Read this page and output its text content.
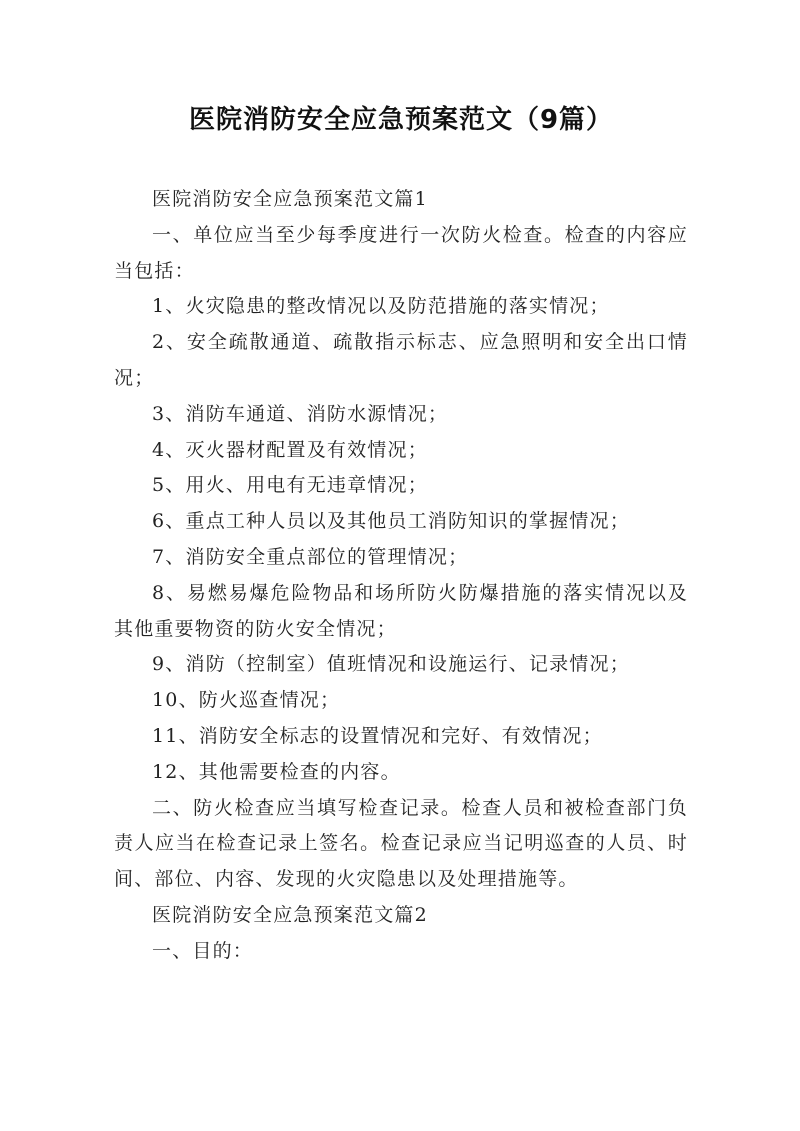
医院消防安全应急预案范文（9篇）

医院消防安全应急预案范文篇1

一、单位应当至少每季度进行一次防火检查。检查的内容应当包括：

1、火灾隐患的整改情况以及防范措施的落实情况；

2、安全疏散通道、疏散指示标志、应急照明和安全出口情况；

3、消防车通道、消防水源情况；

4、灭火器材配置及有效情况；

5、用火、用电有无违章情况；

6、重点工种人员以及其他员工消防知识的掌握情况；

7、消防安全重点部位的管理情况；

8、易燃易爆危险物品和场所防火防爆措施的落实情况以及其他重要物资的防火安全情况；

9、消防（控制室）值班情况和设施运行、记录情况；

10、防火巡查情况；

11、消防安全标志的设置情况和完好、有效情况；

12、其他需要检查的内容。

二、防火检查应当填写检查记录。检查人员和被检查部门负责人应当在检查记录上签名。检查记录应当记明巡查的人员、时间、部位、内容、发现的火灾隐患以及处理措施等。

医院消防安全应急预案范文篇2

一、目的：
